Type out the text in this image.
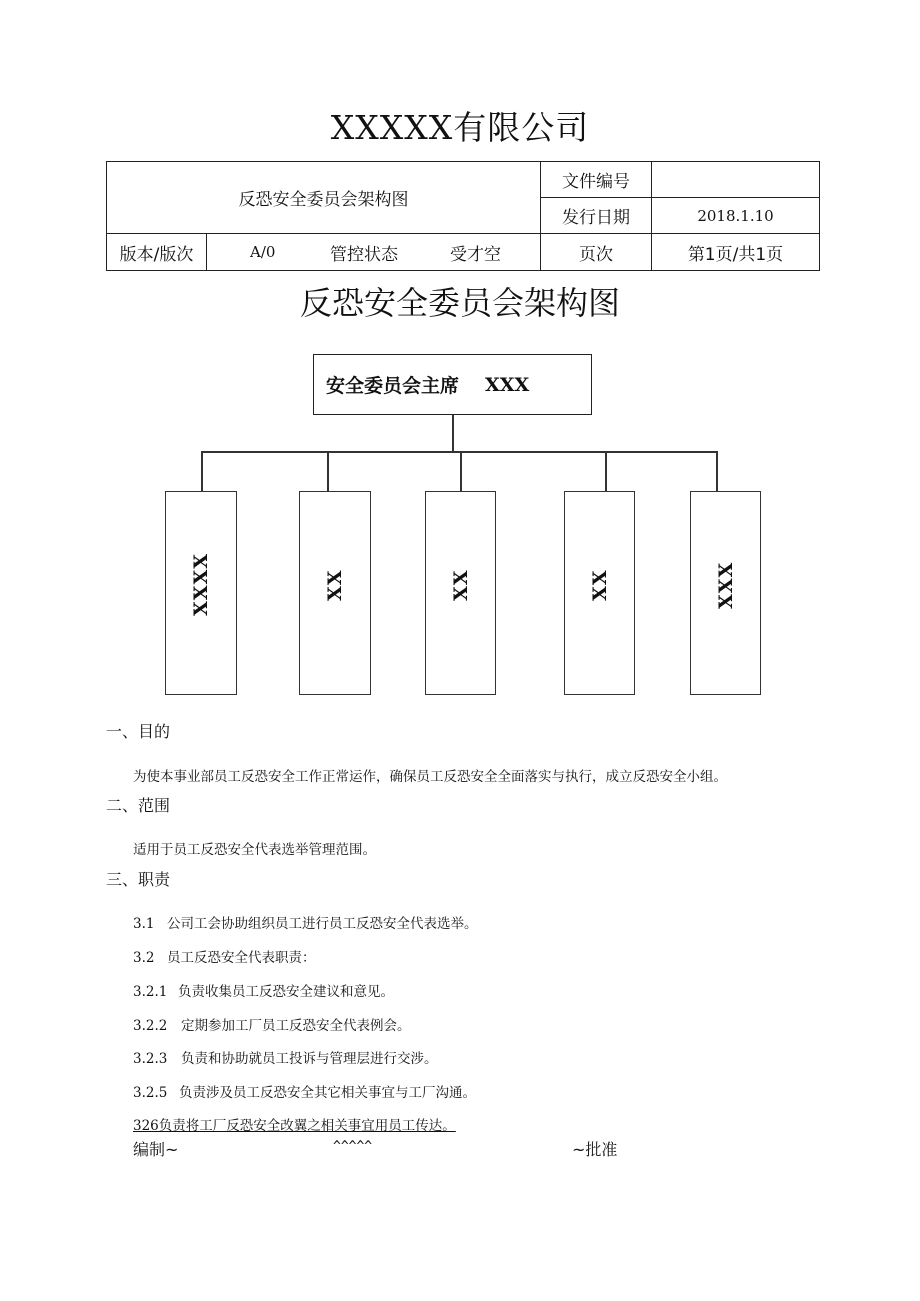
XXXXX有限公司
反恐安全委员会架构图
文件编号
发行日期	2018.1.10
版本/版次	A/0	管控状态	受才空	页次	第1页/共1页
反恐安全委员会架构图
安全委员会主席 XXX
XXXX	XX	XX	XX	XXX
一、目的
为使本事业部员工反恐安全工作正常运作，确保员工反恐安全全面落实与执行，成立反恐安全小组。
二、范围
适用于员工反恐安全代表选举管理范围。
三、职责
3.1 公司工会协助组织员工进行员工反恐安全代表选举。
3.2 员工反恐安全代表职责：
3.2.1 负责收集员工反恐安全建议和意见。
3.2.2 定期参加工厂员工反恐安全代表例会。
3.2.3 负责和协助就员工投诉与管理层进行交涉。
3.2.5 负责涉及员工反恐安全其它相关事宜与工厂沟通。
326负责将工厂反恐安全改翼之相关事宜用员工传达。
编制~	^^^^^	~批准
